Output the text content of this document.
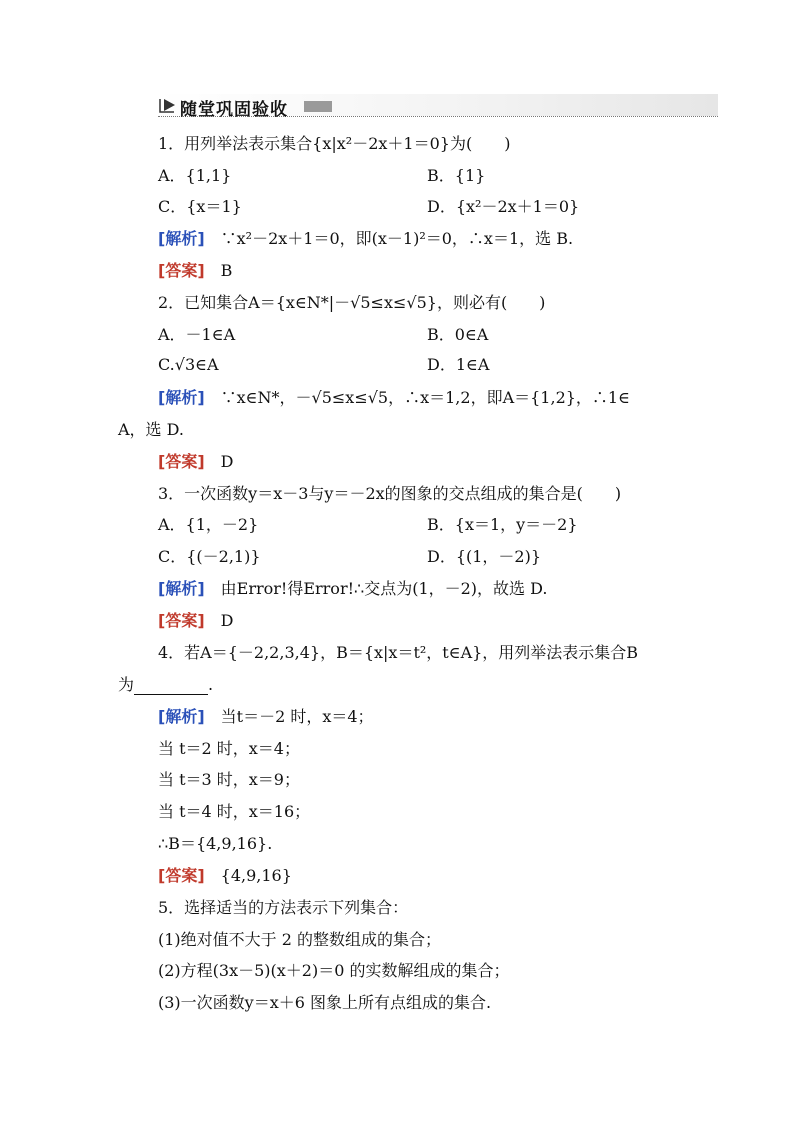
随堂巩固验收
1．用列举法表示集合{x|x²－2x＋1＝0}为(　　)
A．{1,1}	B．{1}
C．{x＝1}	D．{x²－2x＋1＝0}
[解析]　∵x²－2x＋1＝0，即(x－1)²＝0，∴x＝1，选 B.
[答案]　B
2．已知集合A＝{x∈N*|－√5≤x≤√5}，则必有(　　)
A．－1∈A	B．0∈A
C.√3∈A	D．1∈A
[解析]　∵x∈N*，－√5≤x≤√5，∴x＝1,2，即A＝{1,2}，∴1∈
A，选 D.
[答案]　D
3．一次函数y＝x－3与y＝－2x的图象的交点组成的集合是(　　)
A．{1，－2}	B．{x＝1，y＝－2}
C．{(－2,1)}	D．{(1，－2)}
[解析]　由Error!得Error!∴交点为(1，－2)，故选 D.
[答案]　D
4．若A＝{－2,2,3,4}，B＝{x|x＝t²，t∈A}，用列举法表示集合B
为	.
[解析]　当t＝－2 时，x＝4；
当 t＝2 时，x＝4；
当 t＝3 时，x＝9；
当 t＝4 时，x＝16；
∴B＝{4,9,16}.
[答案]　{4,9,16}
5．选择适当的方法表示下列集合：
(1)绝对值不大于 2 的整数组成的集合；
(2)方程(3x－5)(x＋2)＝0 的实数解组成的集合；
(3)一次函数y＝x＋6 图象上所有点组成的集合.
